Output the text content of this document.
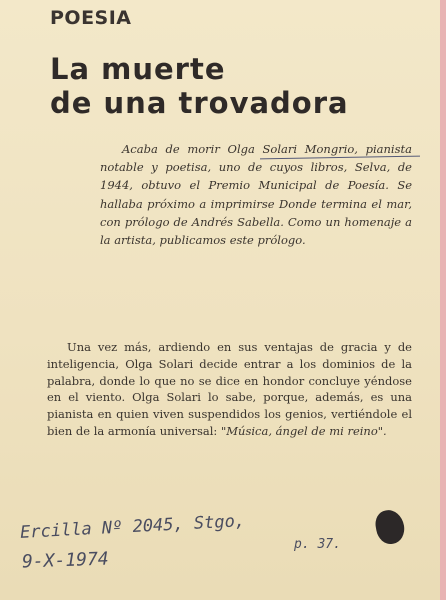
POESIA
La muerte
de una trovadora
Acaba de morir Olga Solari Mongrio, pianista notable y poetisa, uno de cuyos libros, Selva, de 1944, obtuvo el Premio Municipal de Poesía. Se hallaba próximo a imprimirse Donde termina el mar, con prólogo de Andrés Sabella. Como un homenaje a la artista, publicamos este prólogo.
Una vez más, ardiendo en sus ventajas de gracia y de inteligencia, Olga Solari decide entrar a los dominios de la palabra, donde lo que no se dice en hondor concluye yéndose en el viento. Olga Solari lo sabe, porque, además, es una pianista en quien viven suspendidos los genios, vertiéndole el bien de la armonía universal: "Música, ángel de mi reino".
Ercilla Nº 2045, Stgo,
9-X-1974
p. 37.
